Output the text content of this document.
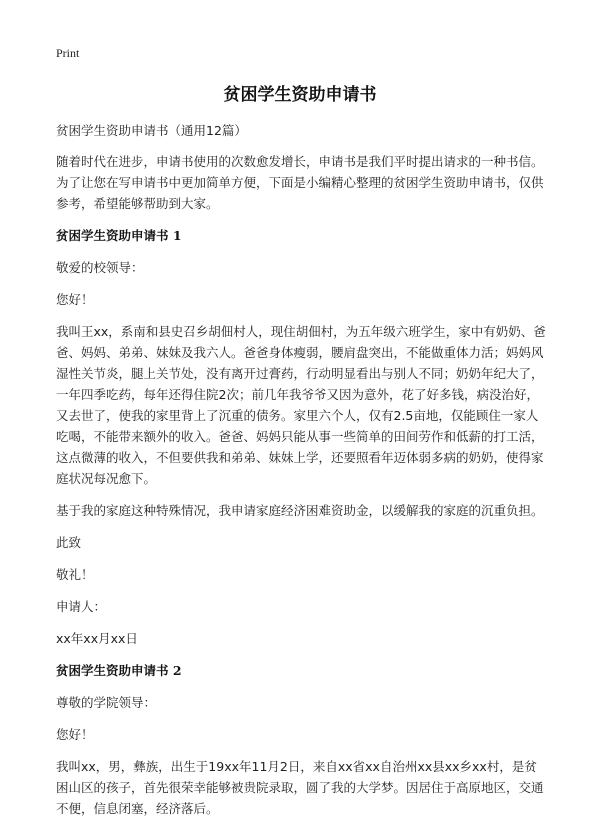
Print
贫困学生资助申请书

贫困学生资助申请书（通用12篇）

随着时代在进步，申请书使用的次数愈发增长，申请书是我们平时提出请求的一种书信。为了让您在写申请书中更加简单方便，下面是小编精心整理的贫困学生资助申请书，仅供参考，希望能够帮助到大家。

贫困学生资助申请书 1

敬爱的校领导：

您好！

我叫王xx，系南和县史召乡胡佃村人，现住胡佃村，为五年级六班学生，家中有奶奶、爸爸、妈妈、弟弟、妹妹及我六人。爸爸身体瘦弱，腰肩盘突出，不能做重体力活；妈妈风湿性关节炎，腿上关节处，没有离开过膏药，行动明显看出与别人不同；奶奶年纪大了，一年四季吃药，每年还得住院2次；前几年我爷爷又因为意外，花了好多钱，病没治好，又去世了，使我的家里背上了沉重的债务。家里六个人，仅有2.5亩地，仅能顾住一家人吃喝，不能带来额外的收入。爸爸、妈妈只能从事一些简单的田间劳作和低薪的打工活，这点微薄的收入，不但要供我和弟弟、妹妹上学，还要照看年迈体弱多病的奶奶，使得家庭状况每况愈下。

基于我的家庭这种特殊情况，我申请家庭经济困难资助金，以缓解我的家庭的沉重负担。

此致

敬礼！

申请人：

xx年xx月xx日

贫困学生资助申请书 2

尊敬的学院领导：

您好！

我叫xx，男，彝族，出生于19xx年11月2日，来自xx省xx自治州xx县xx乡xx村，是贫困山区的孩子，首先很荣幸能够被贵院录取，圆了我的大学梦。因居住于高原地区，交通不便，信息闭塞，经济落后。
